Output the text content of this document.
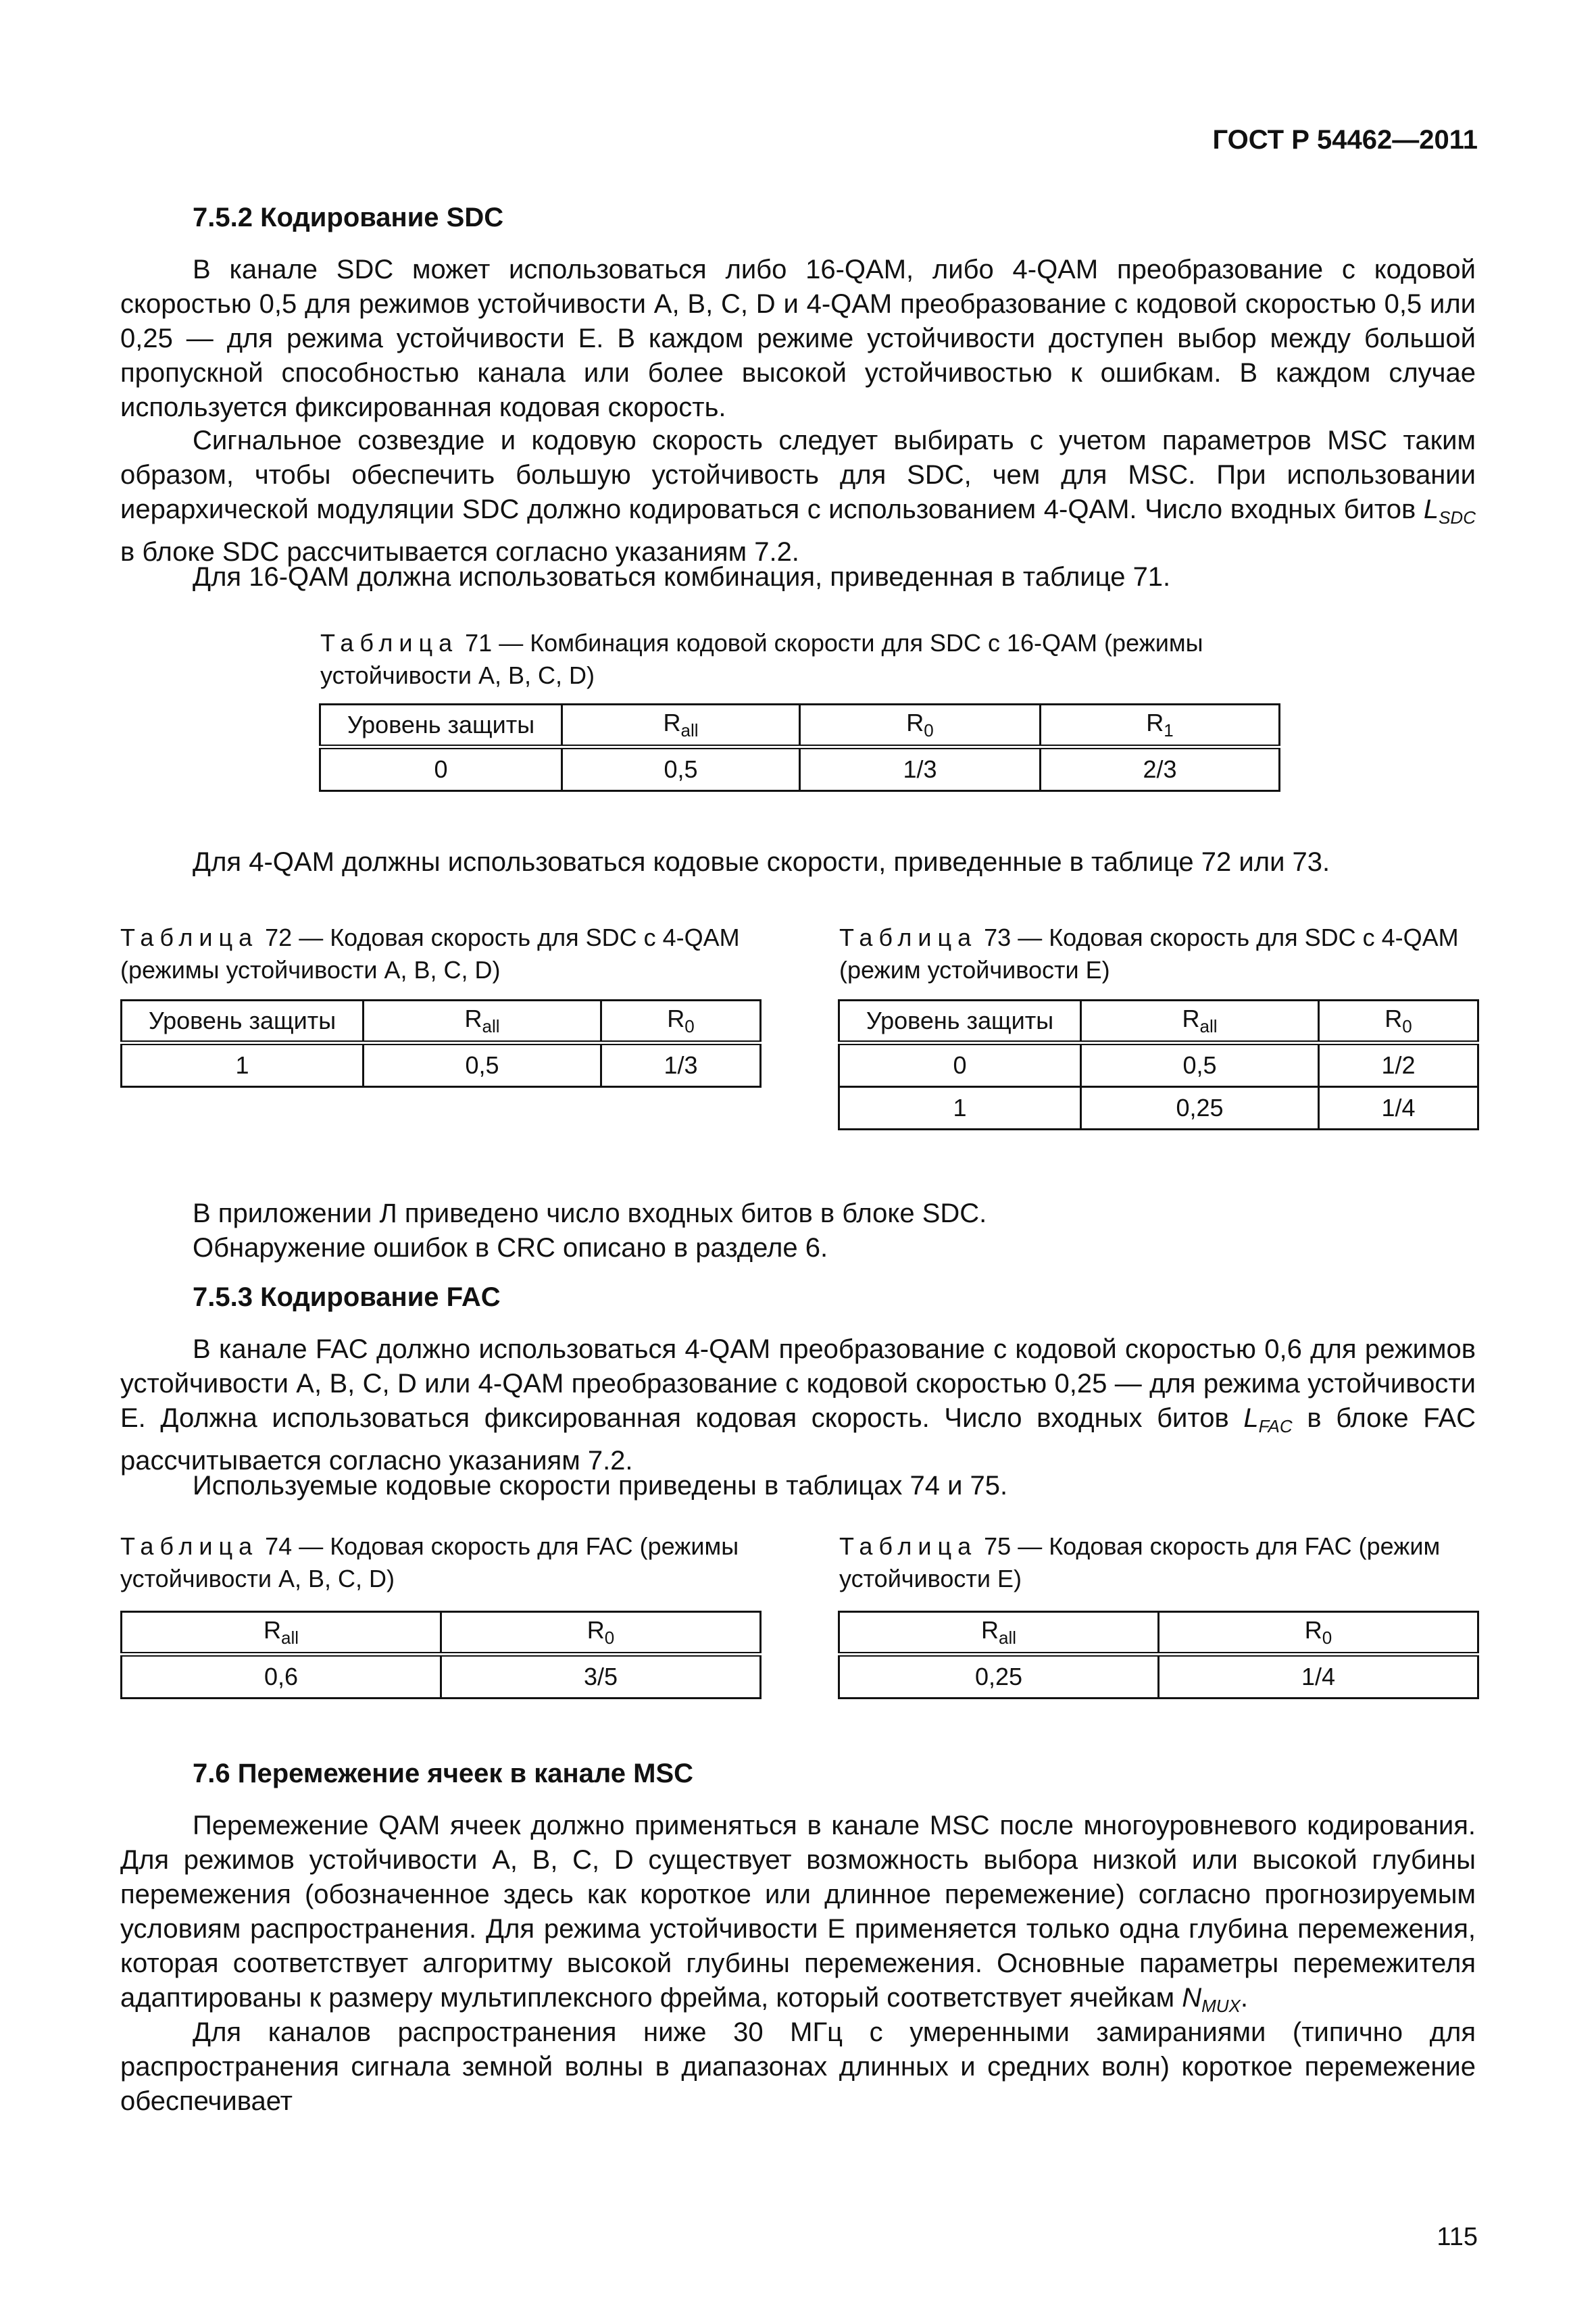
ГОСТ Р 54462—2011
7.5.2 Кодирование SDC

В канале SDC может использоваться либо 16-QAM, либо 4-QAM преобразование с кодовой скоростью 0,5 для режимов устойчивости А, В, С, D и 4-QAM преобразование с кодовой скоростью 0,5 или 0,25 — для режима устойчивости Е. В каждом режиме устойчивости доступен выбор между большой пропускной способностью канала или более высокой устойчивостью к ошибкам. В каждом случае используется фиксированная кодовая скорость.

Сигнальное созвездие и кодовую скорость следует выбирать с учетом параметров MSC таким образом, чтобы обеспечить большую устойчивость для SDC, чем для MSC. При использовании иерархической модуляции SDC должно кодироваться с использованием 4-QAM. Число входных битов $L_{SDC}$ в блоке SDC рассчитывается согласно указаниям 7.2.

Для 16-QAM должна использоваться комбинация, приведенная в таблице 71.

Таблица 71 — Комбинация кодовой скорости для SDC с 16-QAM (режимы устойчивости A, B, C, D)

Уровень защиты	$R_{all}$	$R_0$	$R_1$
0	0,5	1/3	2/3

Для 4-QAM должны использоваться кодовые скорости, приведенные в таблице 72 или 73.

Таблица 72 — Кодовая скорость для SDC с 4-QAM (режимы устойчивости А, В, С, D)

Уровень защиты	$R_{all}$	$R_0$
1	0,5	1/3

Таблица 73 — Кодовая скорость для SDC с 4-QAM (режим устойчивости E)

Уровень защиты	$R_{all}$	$R_0$
0	0,5	1/2
1	0,25	1/4

В приложении Л приведено число входных битов в блоке SDC.

Обнаружение ошибок в CRC описано в разделе 6.

7.5.3 Кодирование FAC

В канале FAC должно использоваться 4-QAM преобразование с кодовой скоростью 0,6 для режимов устойчивости A, B, C, D или 4-QAM преобразование с кодовой скоростью 0,25 — для режима устойчивости E. Должна использоваться фиксированная кодовая скорость. Число входных битов $L_{FAC}$ в блоке FAC рассчитывается согласно указаниям 7.2.

Используемые кодовые скорости приведены в таблицах 74 и 75.

Таблица 74 — Кодовая скорость для FAC (режимы устойчивости A, B, C, D)

$R_{all}$	$R_0$
0,6	3/5

Таблица 75 — Кодовая скорость для FAC (режим устойчивости E)

$R_{all}$	$R_0$
0,25	1/4
7.6 Перемежение ячеек в канале MSC

Перемежение QAM ячеек должно применяться в канале MSC после многоуровневого кодирования. Для режимов устойчивости A, B, C, D существует возможность выбора низкой или высокой глубины перемежения (обозначенное здесь как короткое или длинное перемежение) согласно прогнозируемым условиям распространения. Для режима устойчивости E применяется только одна глубина перемежения, которая соответствует алгоритму высокой глубины перемежения. Основные параметры перемежителя адаптированы к размеру мультиплексного фрейма, который соответствует ячейкам $N_{MUX}$.

Для каналов распространения ниже 30 МГц с умеренными замираниями (типично для распространения сигнала земной волны в диапазонах длинных и средних волн) короткое перемежение обеспечивает

115
